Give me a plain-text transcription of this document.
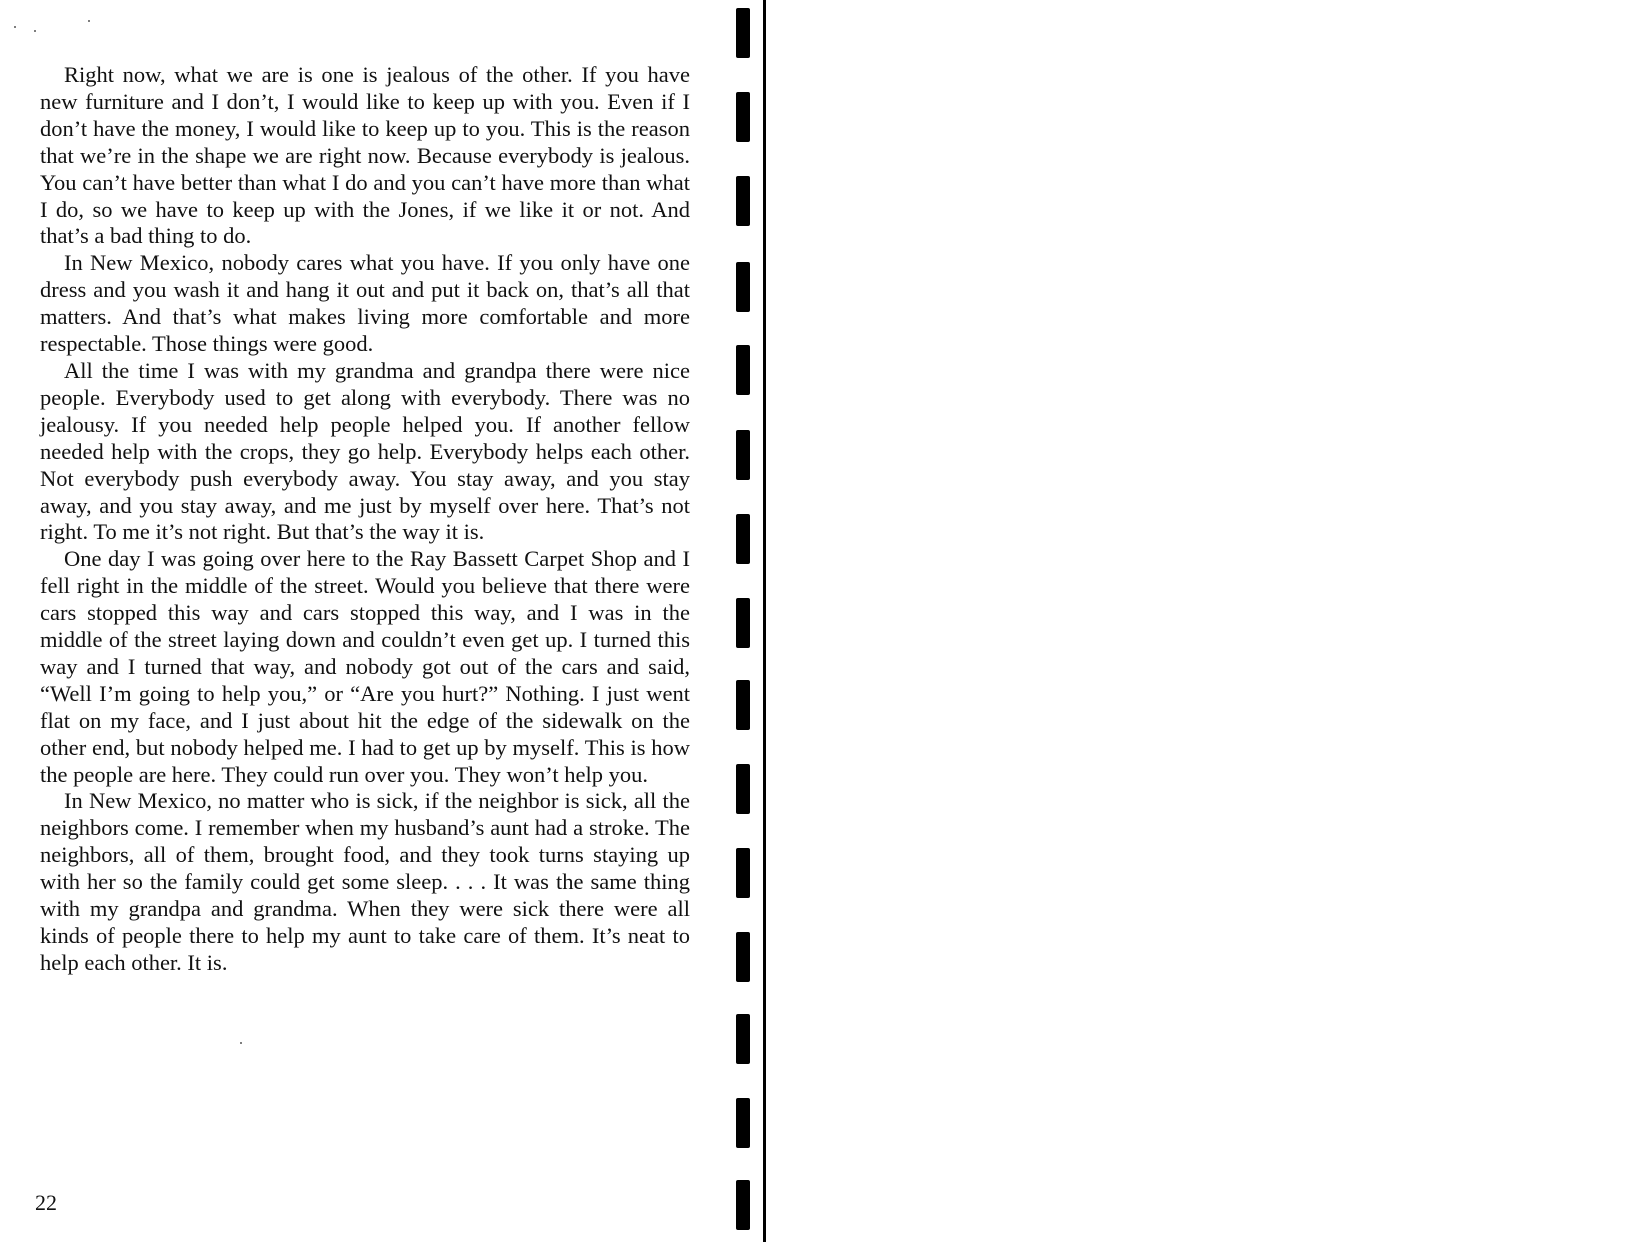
Right now, what we are is one is jealous of the other. If you have new furniture and I don’t, I would like to keep up with you. Even if I don’t have the money, I would like to keep up to you. This is the reason that we’re in the shape we are right now. Because everybody is jealous. You can’t have better than what I do and you can’t have more than what I do, so we have to keep up with the Jones, if we like it or not. And that’s a bad thing to do.

In New Mexico, nobody cares what you have. If you only have one dress and you wash it and hang it out and put it back on, that’s all that matters. And that’s what makes living more comfortable and more respectable. Those things were good.

All the time I was with my grandma and grandpa there were nice people. Everybody used to get along with everybody. There was no jealousy. If you needed help people helped you. If another fellow needed help with the crops, they go help. Everybody helps each other. Not everybody push everybody away. You stay away, and you stay away, and you stay away, and me just by myself over here. That’s not right. To me it’s not right. But that’s the way it is.

One day I was going over here to the Ray Bassett Carpet Shop and I fell right in the middle of the street. Would you believe that there were cars stopped this way and cars stopped this way, and I was in the middle of the street laying down and couldn’t even get up. I turned this way and I turned that way, and nobody got out of the cars and said, “Well I’m going to help you,” or “Are you hurt?” Nothing. I just went flat on my face, and I just about hit the edge of the sidewalk on the other end, but nobody helped me. I had to get up by myself. This is how the people are here. They could run over you. They won’t help you.

In New Mexico, no matter who is sick, if the neighbor is sick, all the neighbors come. I remember when my husband’s aunt had a stroke. The neighbors, all of them, brought food, and they took turns staying up with her so the family could get some sleep. . . . It was the same thing with my grandpa and grandma. When they were sick there were all kinds of people there to help my aunt to take care of them. It’s neat to help each other. It is.

22
